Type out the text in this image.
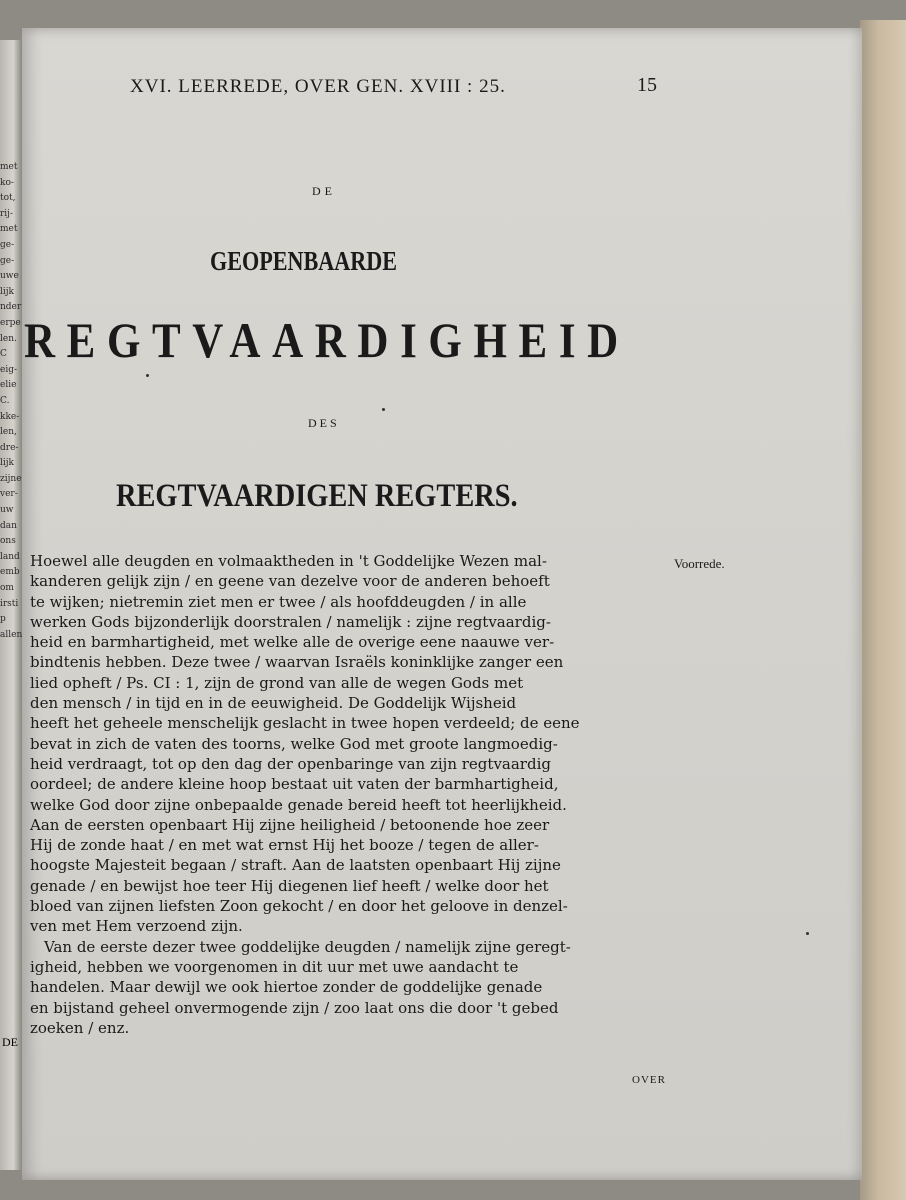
met
ko-
tot,
rij-
met
ge-
ge-
uwe
lijk
nder
erpe
len.
C
eig-
elie
C.
kke-
len,
dre-
lijk
zijne
ver-
uw
dan
ons
land
emb
om
irsti
p
allen
DE
XVI. LEERREDE, OVER GEN. XVIII : 25.	15
DE
GEOPENBAARDE
REGTVAARDIGHEID
DES
REGTVAARDIGEN REGTERS.
Hoewel alle deugden en volmaaktheden in 't Goddelijke Wezen mal-
kanderen gelijk zijn / en geene van dezelve voor de anderen behoeft
te wijken; nietremin ziet men er twee / als hoofddeugden / in alle
werken Gods bijzonderlijk doorstralen / namelijk : zijne regtvaardig-
heid en barmhartigheid, met welke alle de overige eene naauwe ver-
bindtenis hebben. Deze twee / waarvan Israëls koninklijke zanger een
lied opheft / Ps. CI : 1, zijn de grond van alle de wegen Gods met
den mensch / in tijd en in de eeuwigheid. De Goddelijk Wijsheid
heeft het geheele menschelijk geslacht in twee hopen verdeeld; de eene
bevat in zich de vaten des toorns, welke God met groote langmoedig-
heid verdraagt, tot op den dag der openbaringe van zijn regtvaardig
oordeel; de andere kleine hoop bestaat uit vaten der barmhartigheid,
welke God door zijne onbepaalde genade bereid heeft tot heerlijkheid.
Aan de eersten openbaart Hij zijne heiligheid / betoonende hoe zeer
Hij de zonde haat / en met wat ernst Hij het booze / tegen de aller-
hoogste Majesteit begaan / straft. Aan de laatsten openbaart Hij zijne
genade / en bewijst hoe teer Hij diegenen lief heeft / welke door het
bloed van zijnen liefsten Zoon gekocht / en door het geloove in denzel-
ven met Hem verzoend zijn.
Van de eerste dezer twee goddelijke deugden / namelijk zijne geregt-
igheid, hebben we voorgenomen in dit uur met uwe aandacht te
handelen. Maar dewijl we ook hiertoe zonder de goddelijke genade
en bijstand geheel onvermogende zijn / zoo laat ons die door 't gebed
zoeken / enz.
Voorrede.
OVER
